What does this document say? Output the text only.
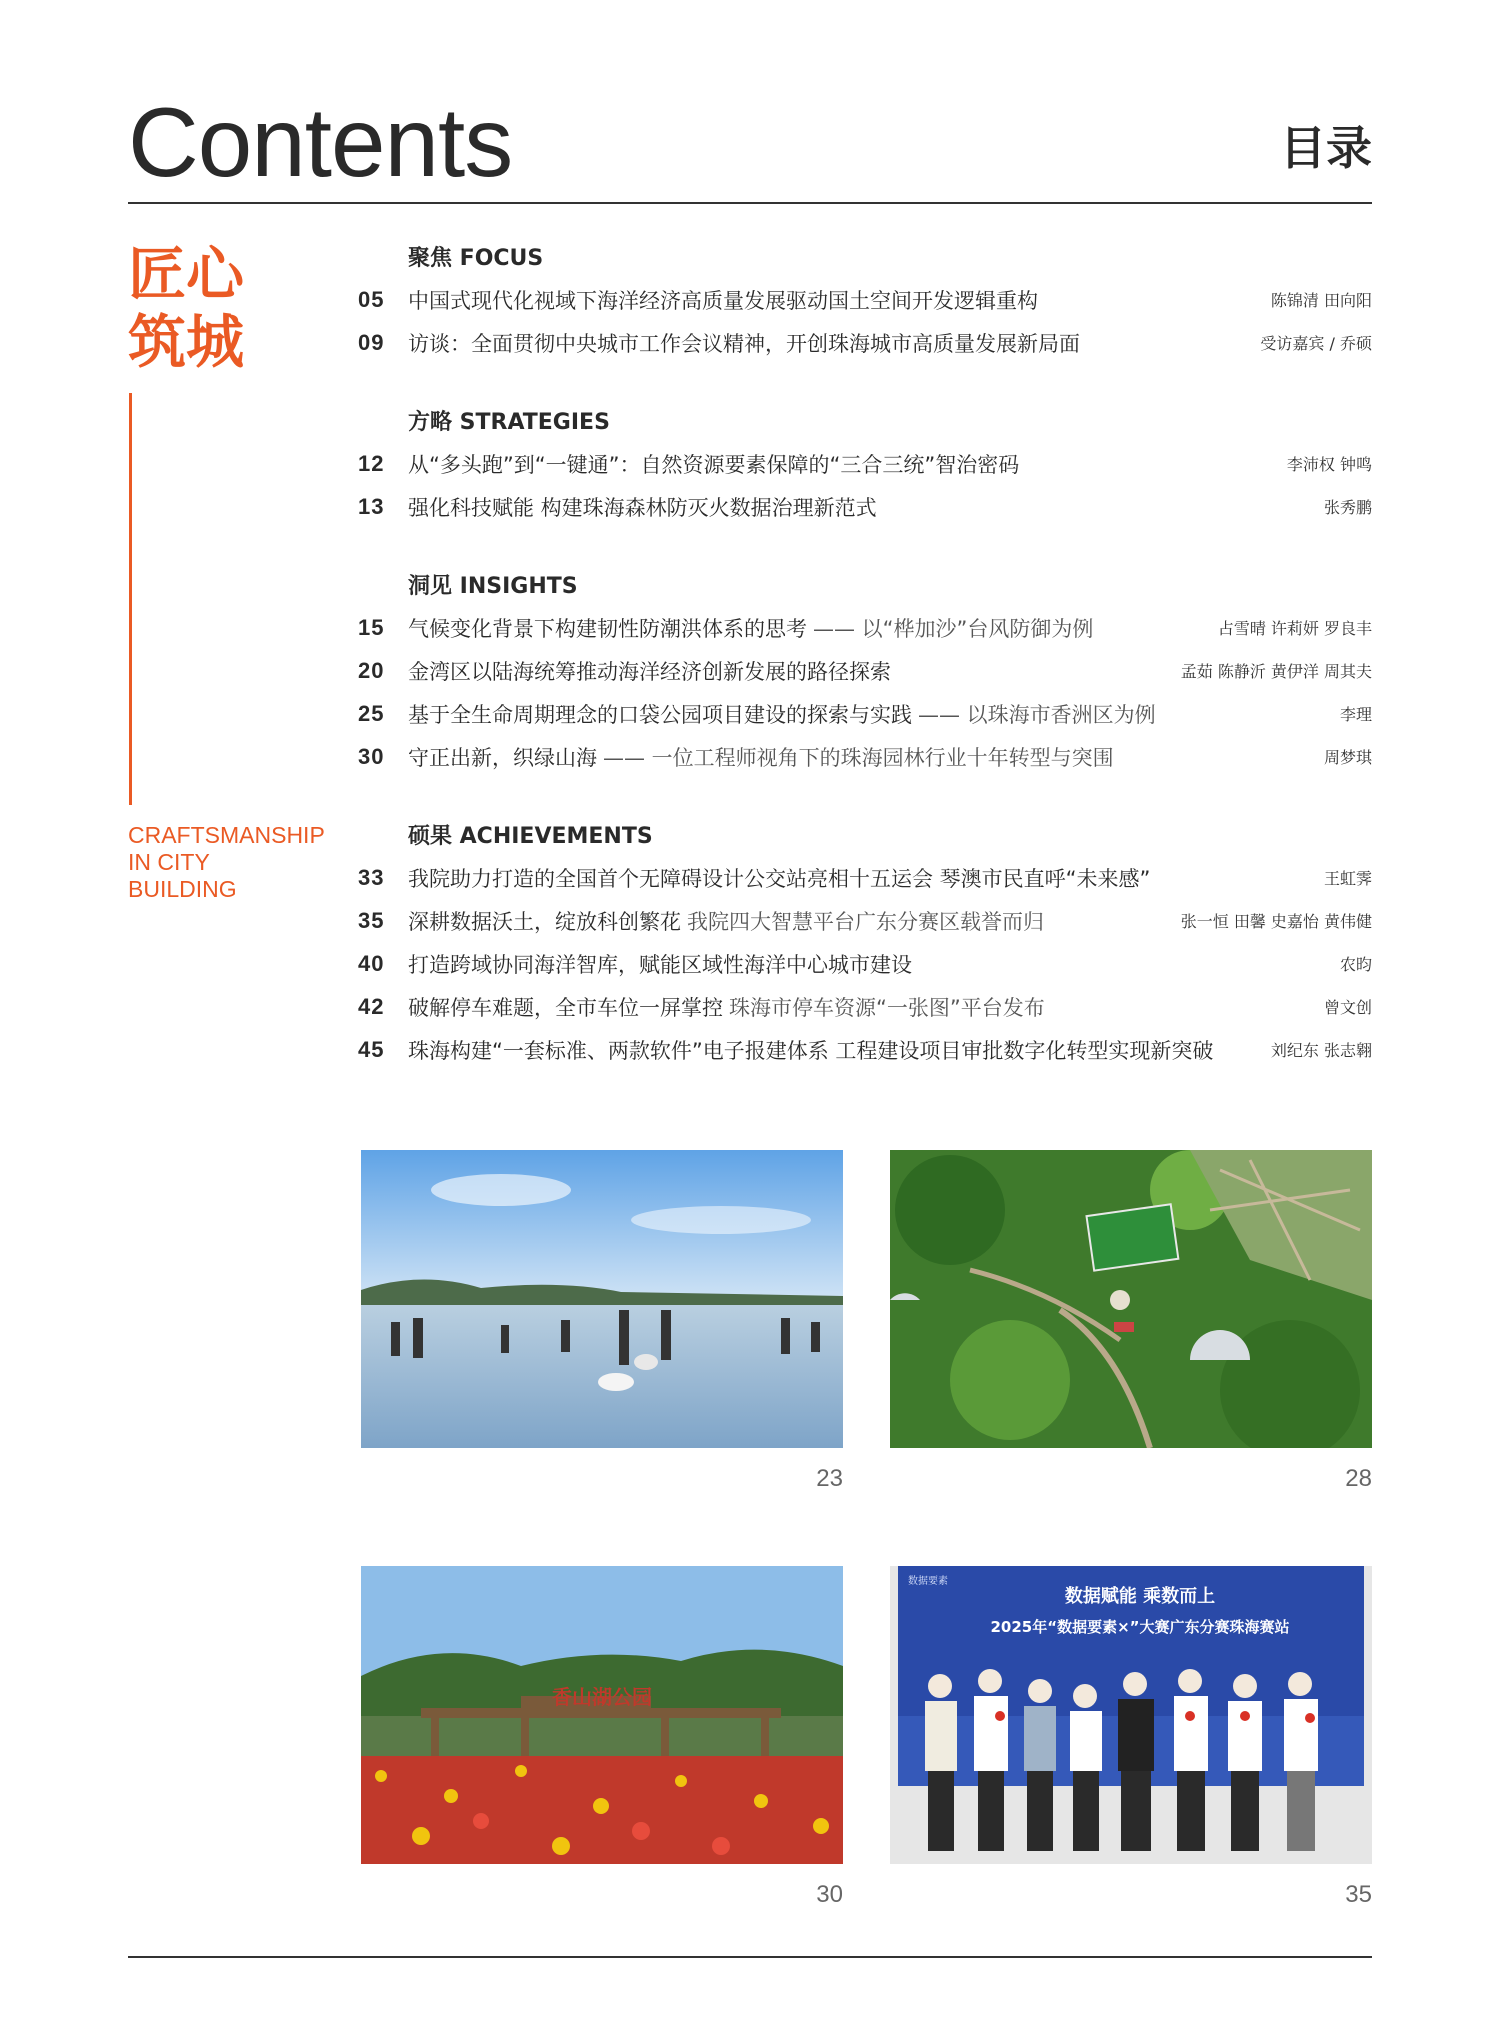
Contents	目录
匠心
筑城
CRAFTSMANSHIP
IN CITY
BUILDING
聚焦 FOCUS
05	中国式现代化视域下海洋经济高质量发展驱动国土空间开发逻辑重构	陈锦清 田向阳
09	访谈：全面贯彻中央城市工作会议精神，开创珠海城市高质量发展新局面	受访嘉宾 / 乔硕
方略 STRATEGIES
12	从“多头跑”到“一键通”：自然资源要素保障的“三合三统”智治密码	李沛权 钟鸣
13	强化科技赋能 构建珠海森林防灭火数据治理新范式	张秀鹏
洞见 INSIGHTS
15	气候变化背景下构建韧性防潮洪体系的思考 —— 以“桦加沙”台风防御为例	占雪晴 许莉妍 罗良丰
20	金湾区以陆海统筹推动海洋经济创新发展的路径探索	孟茹 陈静沂 黄伊洋 周其夫
25	基于全生命周期理念的口袋公园项目建设的探索与实践 —— 以珠海市香洲区为例	李理
30	守正出新，织绿山海 —— 一位工程师视角下的珠海园林行业十年转型与突围	周梦琪
硕果 ACHIEVEMENTS
33	我院助力打造的全国首个无障碍设计公交站亮相十五运会 琴澳市民直呼“未来感”	王虹霁
35	深耕数据沃土，绽放科创繁花 我院四大智慧平台广东分赛区载誉而归	张一恒 田馨 史嘉怡 黄伟健
40	打造跨域协同海洋智库，赋能区域性海洋中心城市建设	农昀
42	破解停车难题，全市车位一屏掌控 珠海市停车资源“一张图”平台发布	曾文创
45	珠海构建“一套标准、两款软件”电子报建体系 工程建设项目审批数字化转型实现新突破	刘纪东 张志翱
23	28
香山湖公园
30
数据要素
数据赋能 乘数而上
2025年“数据要素×”大赛广东分赛珠海赛站
35
